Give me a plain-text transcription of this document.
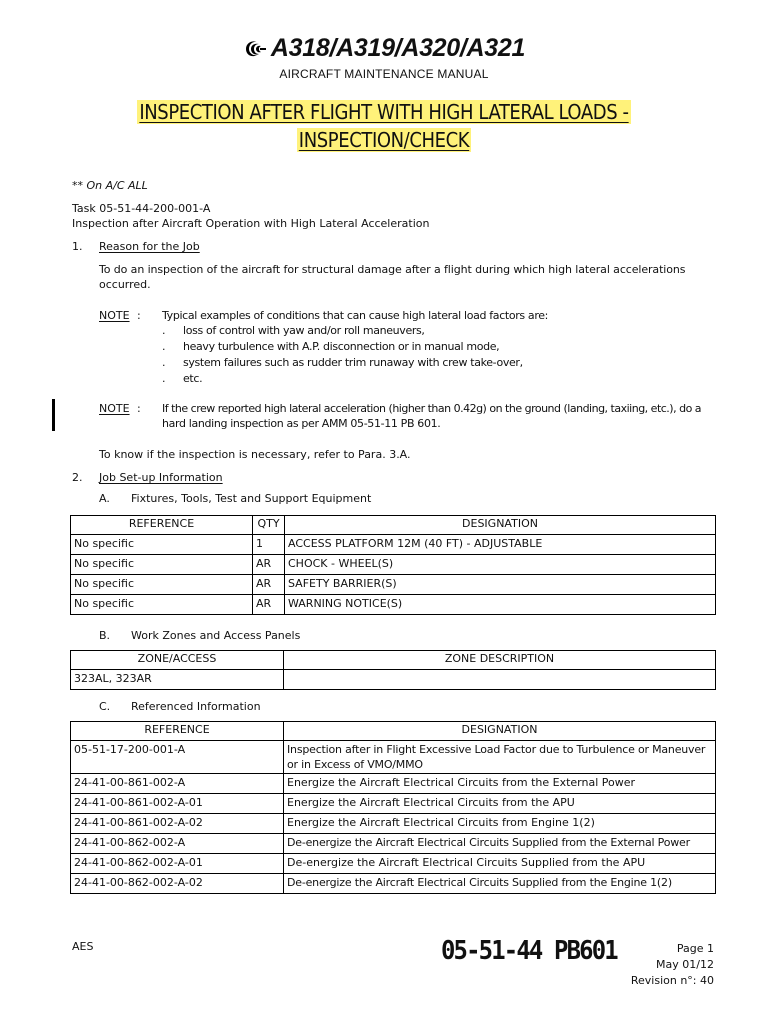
A318/A319/A320/A321
AIRCRAFT MAINTENANCE MANUAL
INSPECTION AFTER FLIGHT WITH HIGH LATERAL LOADS -
INSPECTION/CHECK
** On A/C ALL
Task 05-51-44-200-001-A
Inspection after Aircraft Operation with High Lateral Acceleration
1. Reason for the Job
To do an inspection of the aircraft for structural damage after a flight during which high lateral accelerations
occurred.
NOTE : Typical examples of conditions that can cause high lateral load factors are:
. loss of control with yaw and/or roll maneuvers,
. heavy turbulence with A.P. disconnection or in manual mode,
. system failures such as rudder trim runaway with crew take-over,
. etc.
NOTE : If the crew reported high lateral acceleration (higher than 0.42g) on the ground (landing, taxiing, etc.), do a
hard landing inspection as per AMM 05-51-11 PB 601.
To know if the inspection is necessary, refer to Para. 3.A.
2. Job Set-up Information
A. Fixtures, Tools, Test and Support Equipment
REFERENCE	QTY	DESIGNATION
No specific	1	ACCESS PLATFORM 12M (40 FT) - ADJUSTABLE
No specific	AR	CHOCK - WHEEL(S)
No specific	AR	SAFETY BARRIER(S)
No specific	AR	WARNING NOTICE(S)
B. Work Zones and Access Panels
ZONE/ACCESS	ZONE DESCRIPTION
323AL, 323AR	
C. Referenced Information
REFERENCE	DESIGNATION
05-51-17-200-001-A	Inspection after in Flight Excessive Load Factor due to Turbulence or Maneuver or in Excess of VMO/MMO
24-41-00-861-002-A	Energize the Aircraft Electrical Circuits from the External Power
24-41-00-861-002-A-01	Energize the Aircraft Electrical Circuits from the APU
24-41-00-861-002-A-02	Energize the Aircraft Electrical Circuits from Engine 1(2)
24-41-00-862-002-A	De-energize the Aircraft Electrical Circuits Supplied from the External Power
24-41-00-862-002-A-01	De-energize the Aircraft Electrical Circuits Supplied from the APU
24-41-00-862-002-A-02	De-energize the Aircraft Electrical Circuits Supplied from the Engine 1(2)
AES	05-51-44 PB601	Page 1
May 01/12
Revision n°: 40
